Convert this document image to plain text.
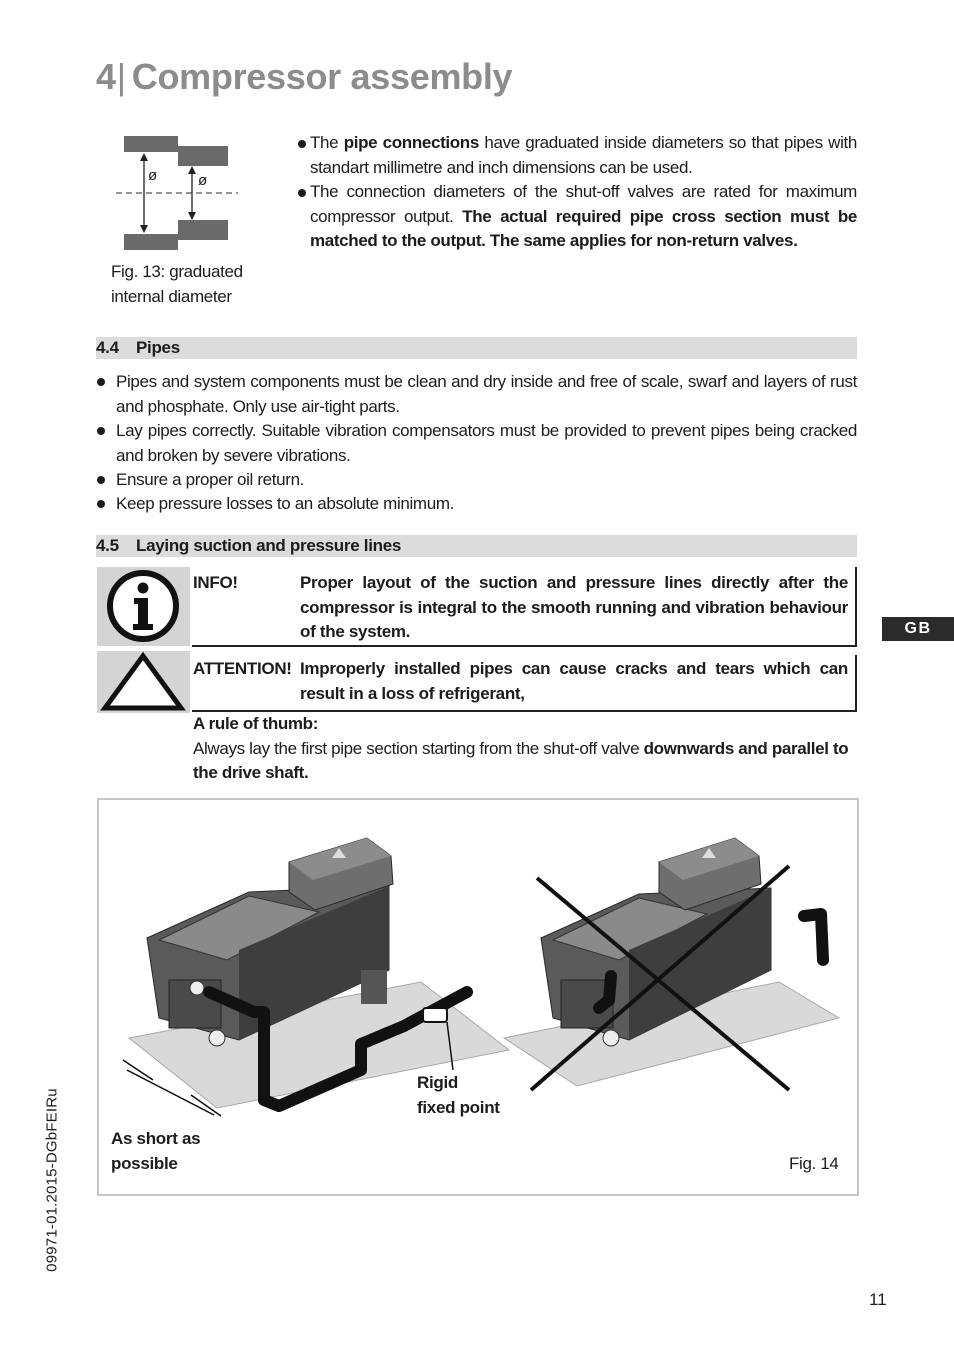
4| Compressor assembly
ø	ø
Fig. 13: graduated
internal diameter
The pipe connections have graduated inside diameters so that pipes with standart millimetre and inch dimensions can be used.
The connection diameters of the shut-off valves are rated for maximum compressor output. The actual required pipe cross section must be matched to the output. The same applies for non-return valves.
4.4 Pipes
Pipes and system components must be clean and dry inside and free of scale, swarf and layers of rust and phosphate. Only use air-tight parts.
Lay pipes correctly. Suitable vibration compensators must be provided to prevent pipes being cracked and broken by severe vibrations.
Ensure a proper oil return.
Keep pressure losses to an absolute minimum.
4.5 Laying suction and pressure lines
INFO!	Proper layout of the suction and pressure lines directly after the compressor is integral to the smooth running and vibration behaviour of the system.
ATTENTION! Improperly installed pipes can cause cracks and tears which can result in a loss of refrigerant,
A rule of thumb:
Always lay the first pipe section starting from the shut-off valve downwards and parallel to the drive shaft.
As short as
possible
Rigid
fixed point
Fig. 14
GB
09971-01.2015-DGbFEIRu
11
